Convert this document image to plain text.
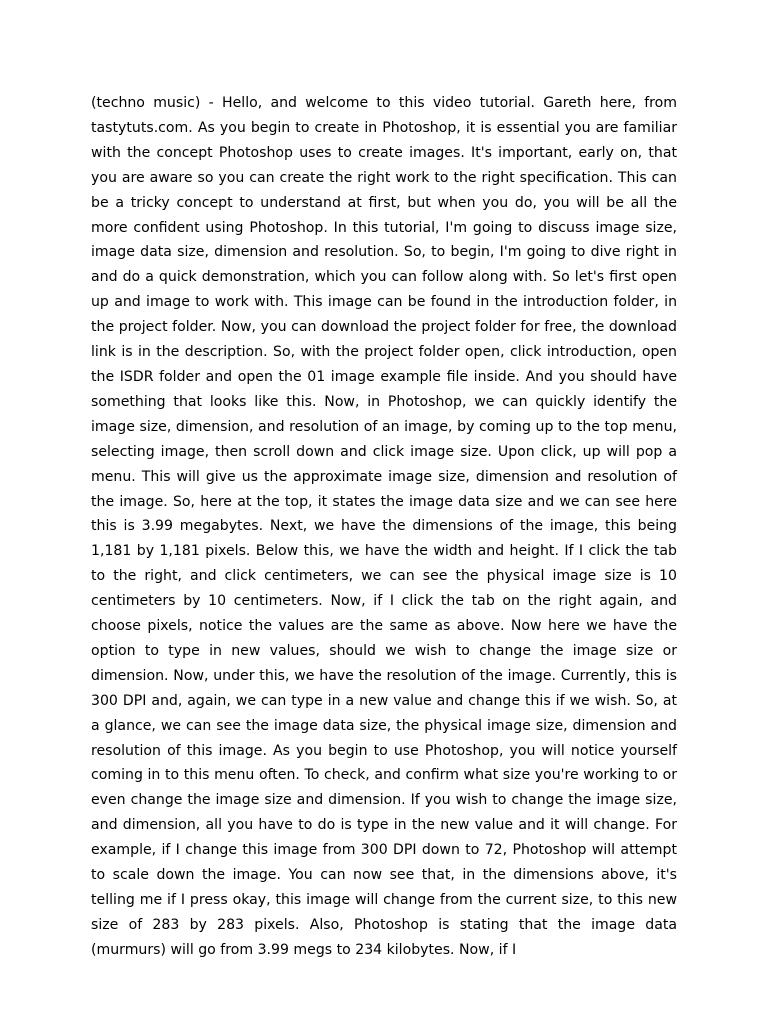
(techno music) - Hello, and welcome to this video tutorial. Gareth here, from tastytuts.com. As you begin to create in Photoshop, it is essential you are familiar with the concept Photoshop uses to create images. It's important, early on, that you are aware so you can create the right work to the right specification. This can be a tricky concept to understand at first, but when you do, you will be all the more confident using Photoshop. In this tutorial, I'm going to discuss image size, image data size, dimension and resolution. So, to begin, I'm going to dive right in and do a quick demonstration, which you can follow along with. So let's first open up and image to work with. This image can be found in the introduction folder, in the project folder. Now, you can download the project folder for free, the download link is in the description. So, with the project folder open, click introduction, open the ISDR folder and open the 01 image example file inside. And you should have something that looks like this. Now, in Photoshop, we can quickly identify the image size, dimension, and resolution of an image, by coming up to the top menu, selecting image, then scroll down and click image size. Upon click, up will pop a menu. This will give us the approximate image size, dimension and resolution of the image. So, here at the top, it states the image data size and we can see here this is 3.99 megabytes. Next, we have the dimensions of the image, this being 1,181 by 1,181 pixels. Below this, we have the width and height. If I click the tab to the right, and click centimeters, we can see the physical image size is 10 centimeters by 10 centimeters. Now, if I click the tab on the right again, and choose pixels, notice the values are the same as above. Now here we have the option to type in new values, should we wish to change the image size or dimension. Now, under this, we have the resolution of the image. Currently, this is 300 DPI and, again, we can type in a new value and change this if we wish. So, at a glance, we can see the image data size, the physical image size, dimension and resolution of this image. As you begin to use Photoshop, you will notice yourself coming in to this menu often. To check, and confirm what size you're working to or even change the image size and dimension. If you wish to change the image size, and dimension, all you have to do is type in the new value and it will change. For example, if I change this image from 300 DPI down to 72, Photoshop will attempt to scale down the image. You can now see that, in the dimensions above, it's telling me if I press okay, this image will change from the current size, to this new size of 283 by 283 pixels. Also, Photoshop is stating that the image data (murmurs) will go from 3.99 megs to 234 kilobytes. Now, if I
